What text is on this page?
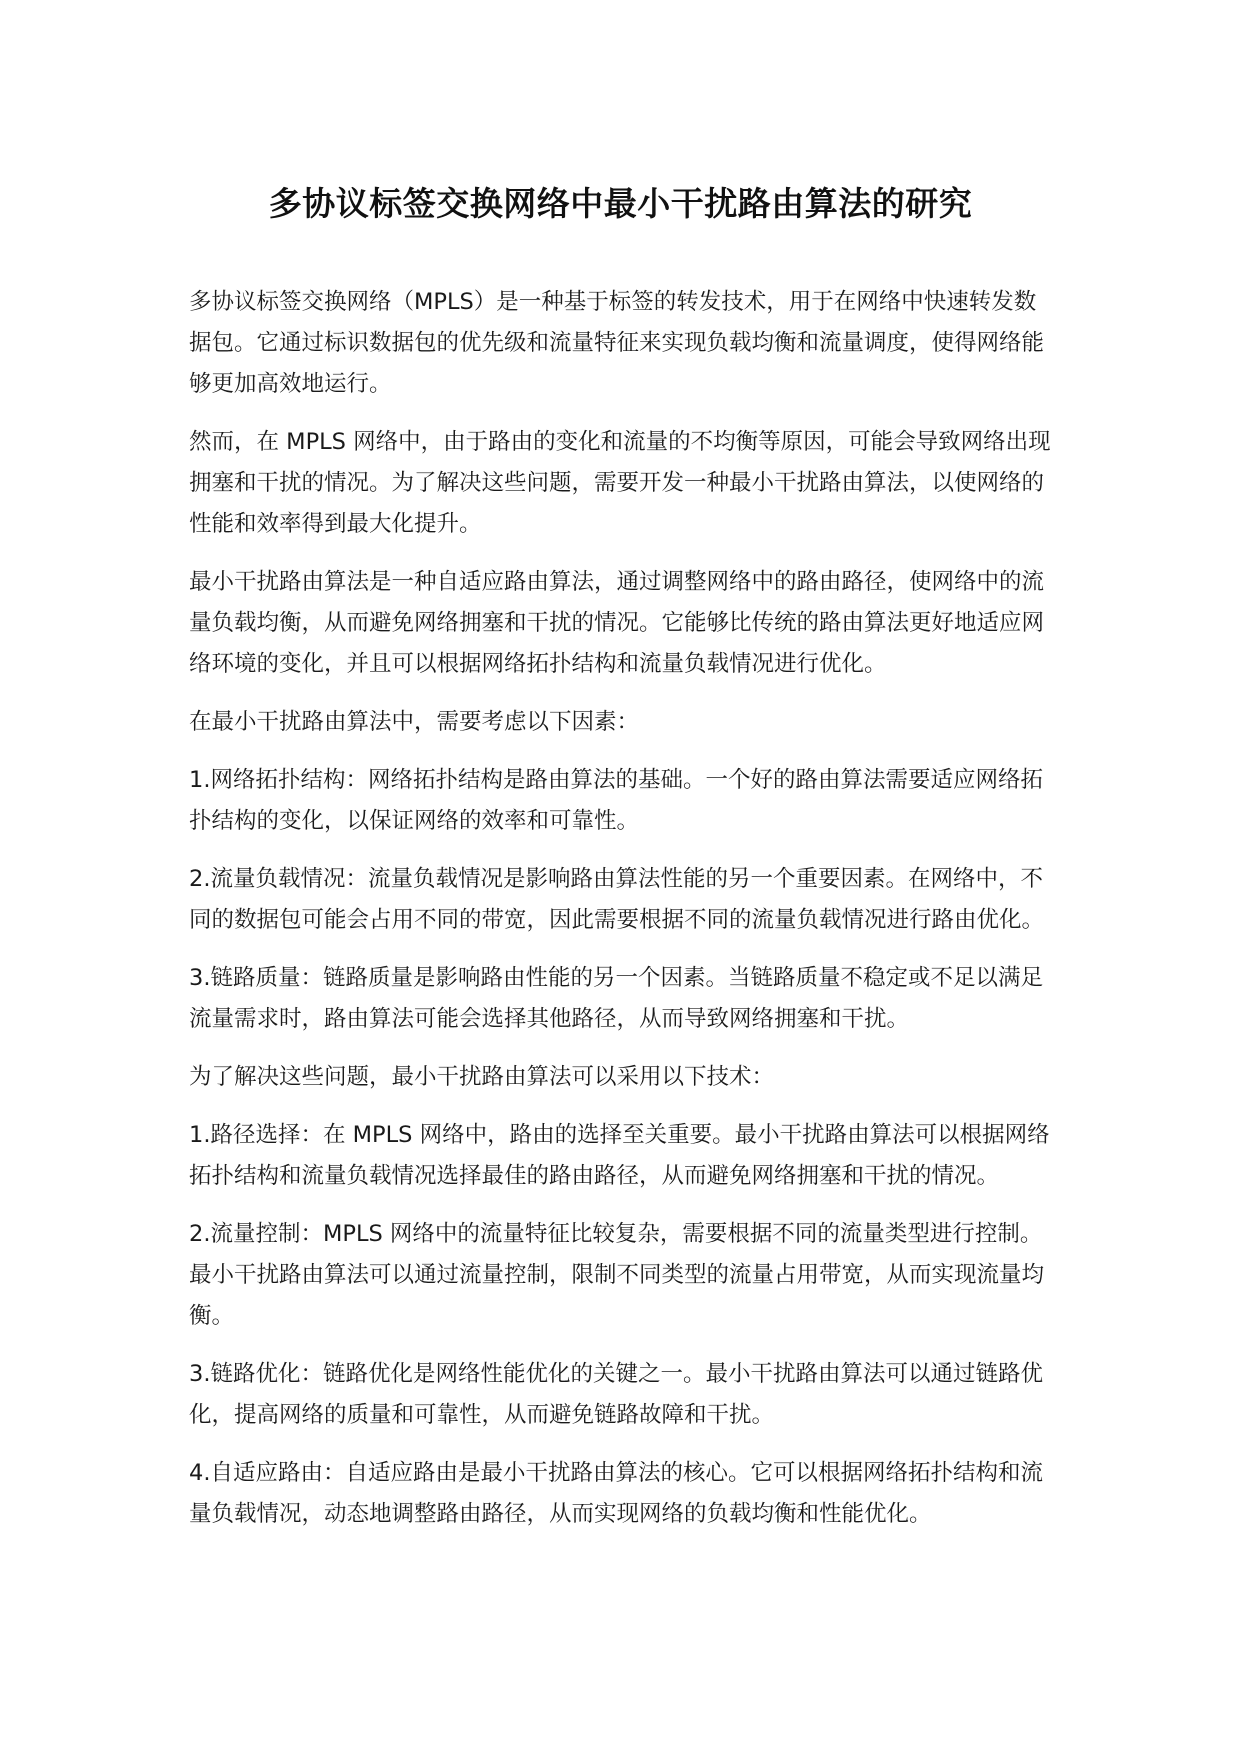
多协议标签交换网络中最小干扰路由算法的研究

多协议标签交换网络（MPLS）是一种基于标签的转发技术，用于在网络中快速转发数据包。它通过标识数据包的优先级和流量特征来实现负载均衡和流量调度，使得网络能够更加高效地运行。

然而，在 MPLS 网络中，由于路由的变化和流量的不均衡等原因，可能会导致网络出现拥塞和干扰的情况。为了解决这些问题，需要开发一种最小干扰路由算法，以使网络的性能和效率得到最大化提升。

最小干扰路由算法是一种自适应路由算法，通过调整网络中的路由路径，使网络中的流量负载均衡，从而避免网络拥塞和干扰的情况。它能够比传统的路由算法更好地适应网络环境的变化，并且可以根据网络拓扑结构和流量负载情况进行优化。

在最小干扰路由算法中，需要考虑以下因素：

1.网络拓扑结构：网络拓扑结构是路由算法的基础。一个好的路由算法需要适应网络拓扑结构的变化，以保证网络的效率和可靠性。

2.流量负载情况：流量负载情况是影响路由算法性能的另一个重要因素。在网络中，不同的数据包可能会占用不同的带宽，因此需要根据不同的流量负载情况进行路由优化。

3.链路质量：链路质量是影响路由性能的另一个因素。当链路质量不稳定或不足以满足流量需求时，路由算法可能会选择其他路径，从而导致网络拥塞和干扰。

为了解决这些问题，最小干扰路由算法可以采用以下技术：

1.路径选择：在 MPLS 网络中，路由的选择至关重要。最小干扰路由算法可以根据网络拓扑结构和流量负载情况选择最佳的路由路径，从而避免网络拥塞和干扰的情况。

2.流量控制：MPLS 网络中的流量特征比较复杂，需要根据不同的流量类型进行控制。最小干扰路由算法可以通过流量控制，限制不同类型的流量占用带宽，从而实现流量均衡。

3.链路优化：链路优化是网络性能优化的关键之一。最小干扰路由算法可以通过链路优化，提高网络的质量和可靠性，从而避免链路故障和干扰。

4.自适应路由：自适应路由是最小干扰路由算法的核心。它可以根据网络拓扑结构和流量负载情况，动态地调整路由路径，从而实现网络的负载均衡和性能优化。
